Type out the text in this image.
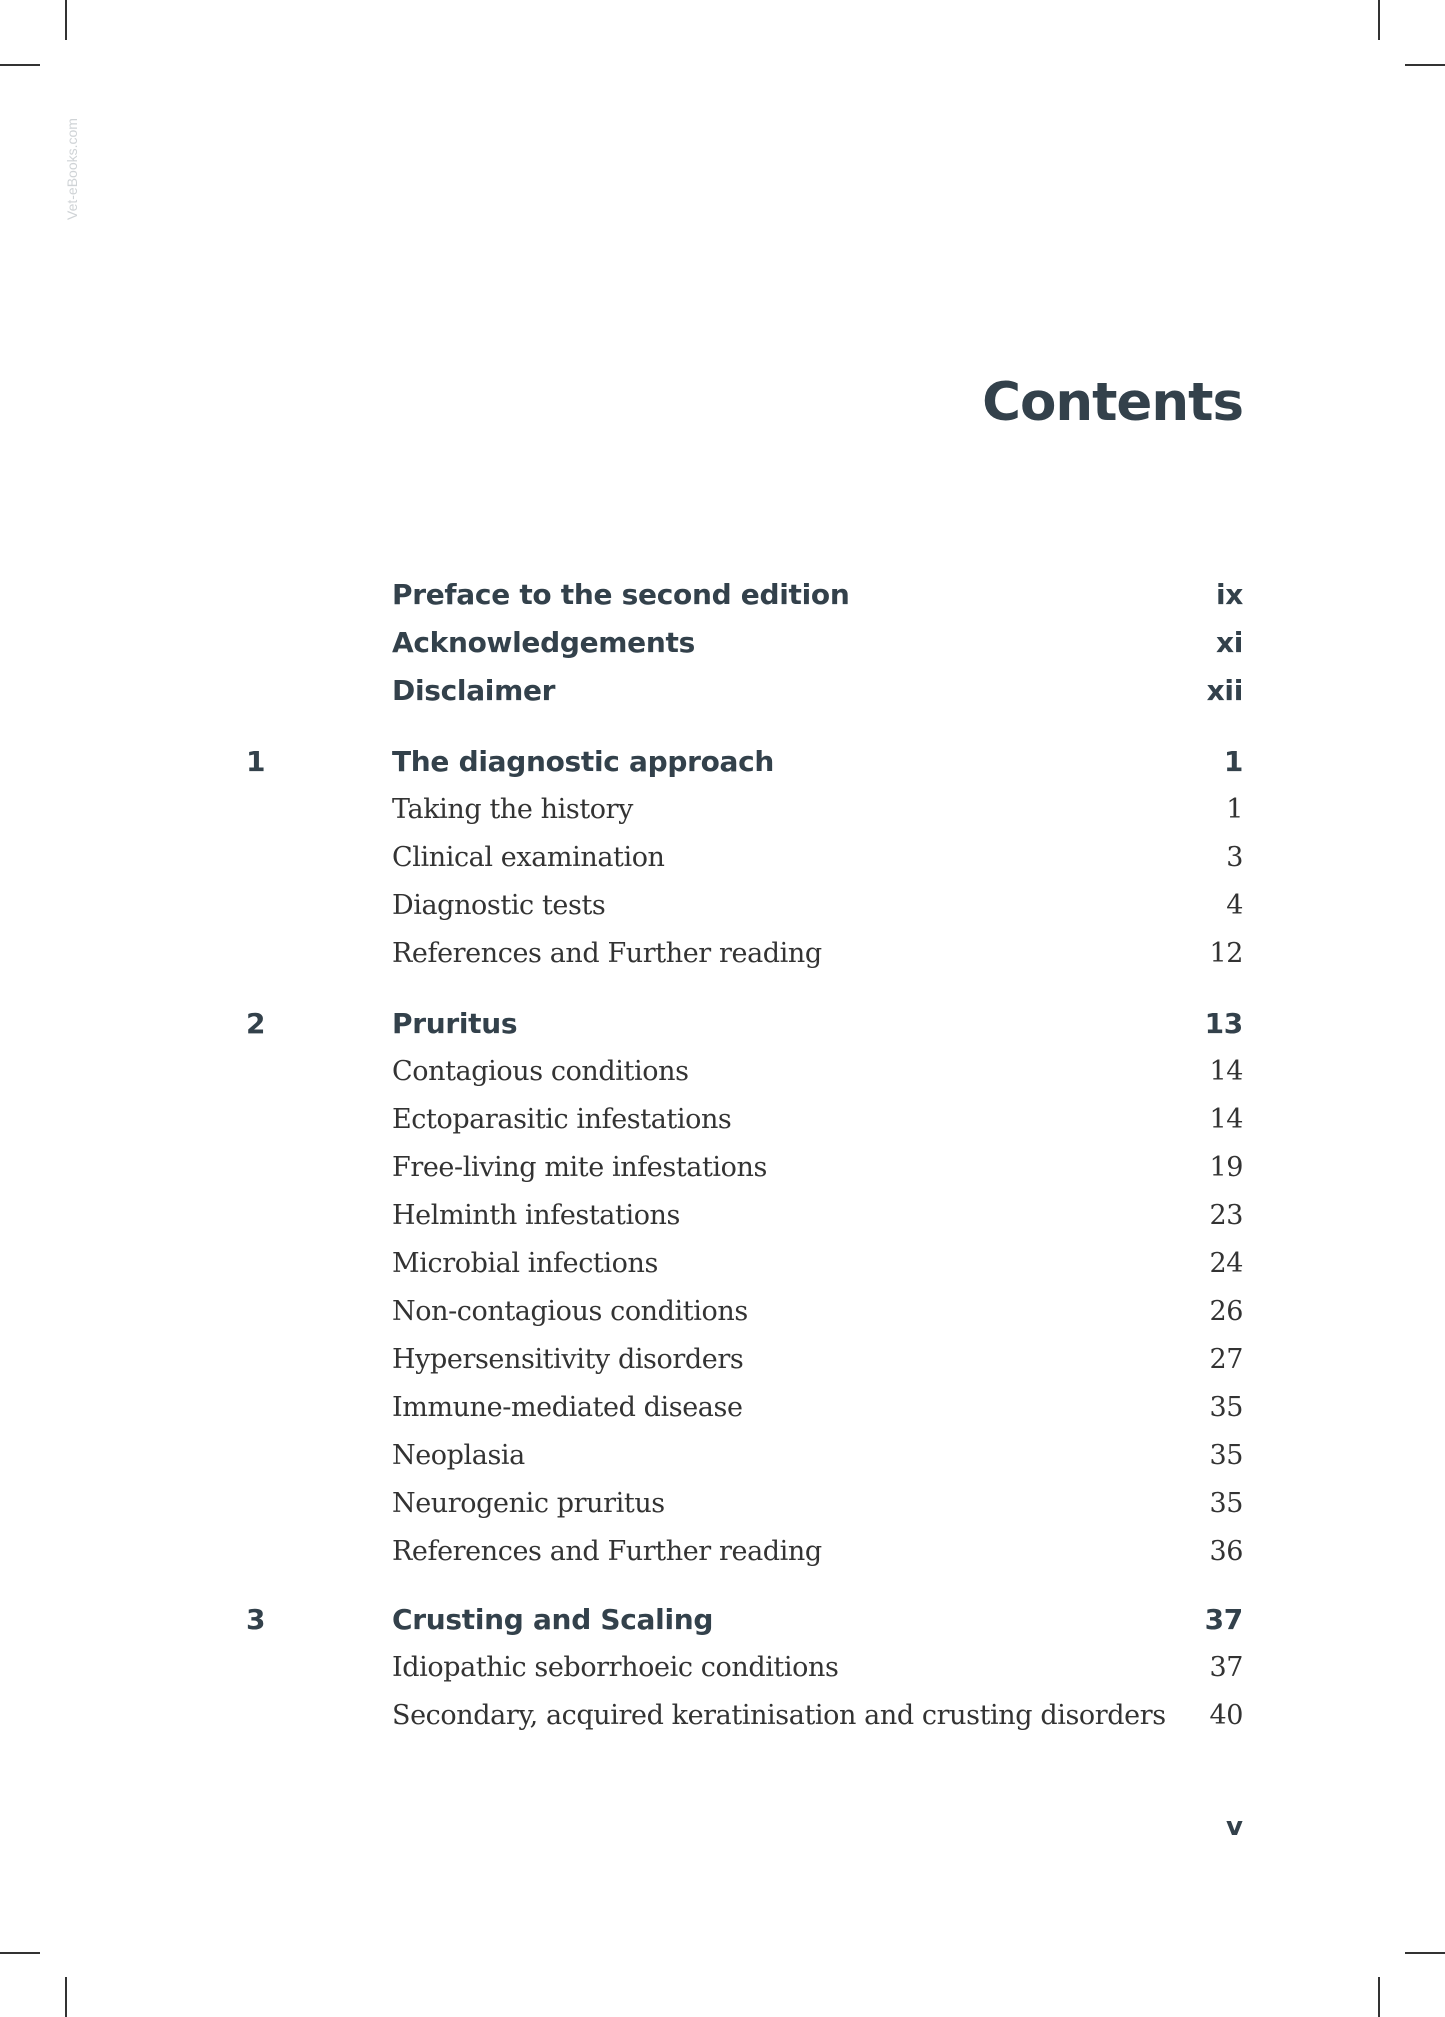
Vet-eBooks.com
Contents
Preface to the second edition	ix
Acknowledgements	xi
Disclaimer	xii
1	The diagnostic approach	1
Taking the history	1
Clinical examination	3
Diagnostic tests	4
References and Further reading	12
2	Pruritus	13
Contagious conditions	14
Ectoparasitic infestations	14
Free-living mite infestations	19
Helminth infestations	23
Microbial infections	24
Non-contagious conditions	26
Hypersensitivity disorders	27
Immune-mediated disease	35
Neoplasia	35
Neurogenic pruritus	35
References and Further reading	36
3	Crusting and Scaling	37
Idiopathic seborrhoeic conditions	37
Secondary, acquired keratinisation and crusting disorders 40
v
